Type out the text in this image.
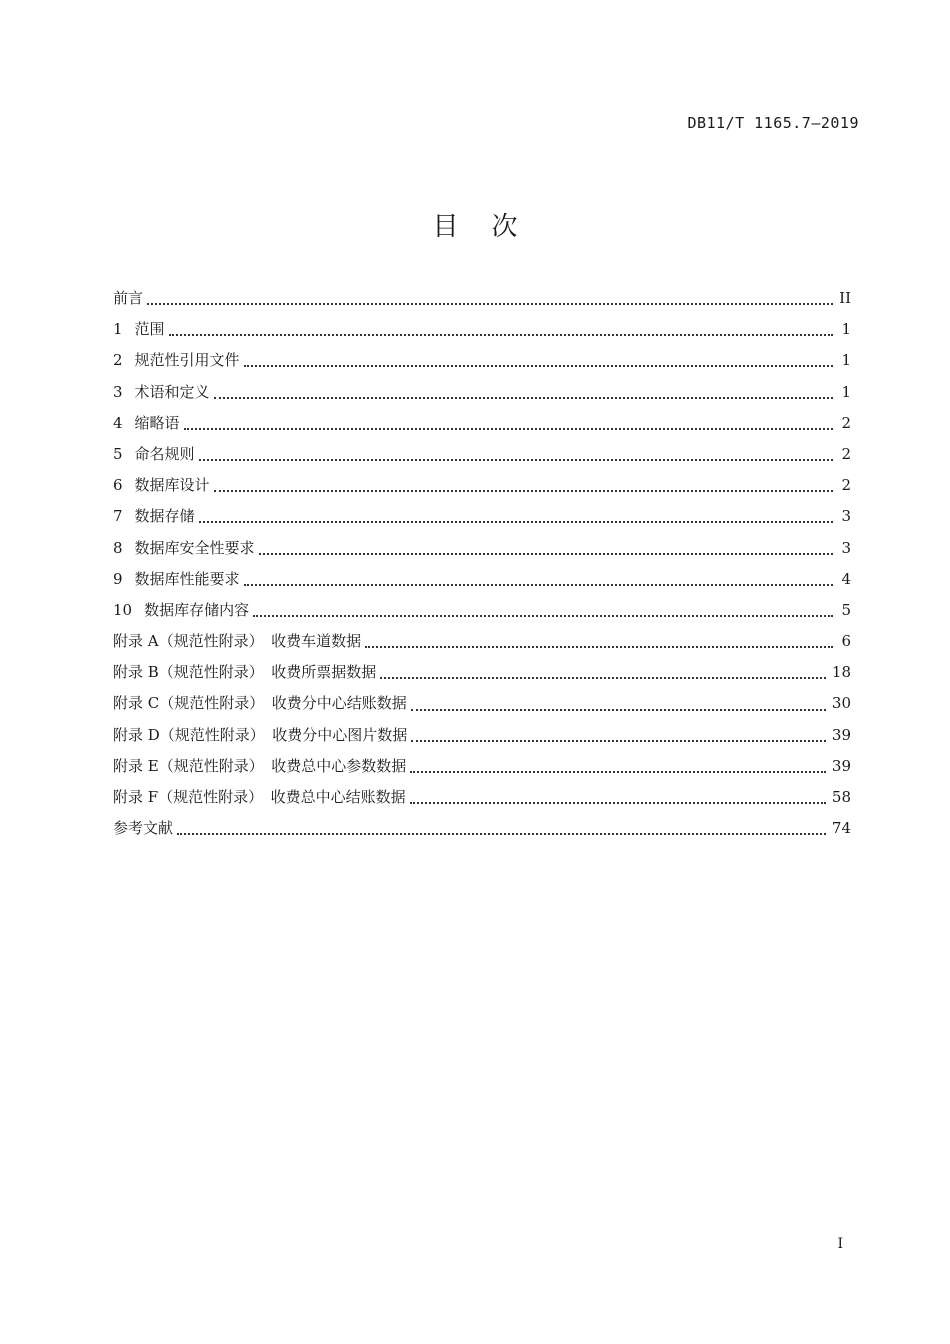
DB11/T 1165.7—2019
目    次
前言	II
1 范围	1
2 规范性引用文件	1
3 术语和定义	1
4 缩略语	2
5 命名规则	2
6 数据库设计	2
7 数据存储	3
8 数据库安全性要求	3
9 数据库性能要求	4
10 数据库存储内容	5
附录 A（规范性附录）　收费车道数据	6
附录 B（规范性附录）　收费所票据数据	18
附录 C（规范性附录）　收费分中心结账数据	30
附录 D（规范性附录）　收费分中心图片数据	39
附录 E（规范性附录）　收费总中心参数数据	39
附录 F（规范性附录）　收费总中心结账数据	58
参考文献	74
I
